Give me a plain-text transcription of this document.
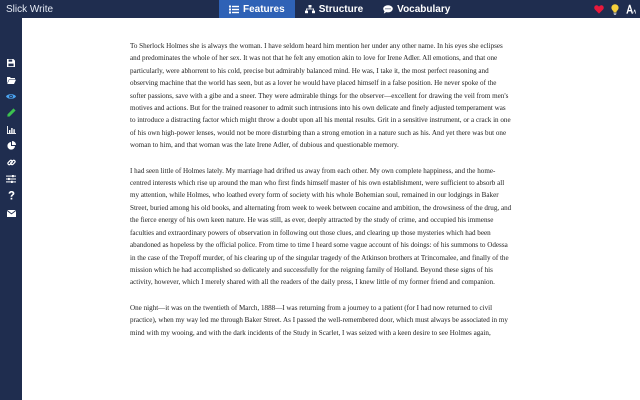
Slick Write	Features	Structure	Vocabulary

To Sherlock Holmes she is always the woman. I have seldom heard him mention her under any other name. In his eyes she eclipses and predominates the whole of her sex. It was not that he felt any emotion akin to love for Irene Adler. All emotions, and that one particularly, were abhorrent to his cold, precise but admirably balanced mind. He was, I take it, the most perfect reasoning and observing machine that the world has seen, but as a lover he would have placed himself in a false position. He never spoke of the softer passions, save with a gibe and a sneer. They were admirable things for the observer—excellent for drawing the veil from men's motives and actions. But for the trained reasoner to admit such intrusions into his own delicate and finely adjusted temperament was to introduce a distracting factor which might throw a doubt upon all his mental results. Grit in a sensitive instrument, or a crack in one of his own high-power lenses, would not be more disturbing than a strong emotion in a nature such as his. And yet there was but one woman to him, and that woman was the late Irene Adler, of dubious and questionable memory.

I had seen little of Holmes lately. My marriage had drifted us away from each other. My own complete happiness, and the home-centred interests which rise up around the man who first finds himself master of his own establishment, were sufficient to absorb all my attention, while Holmes, who loathed every form of society with his whole Bohemian soul, remained in our lodgings in Baker Street, buried among his old books, and alternating from week to week between cocaine and ambition, the drowsiness of the drug, and the fierce energy of his own keen nature. He was still, as ever, deeply attracted by the study of crime, and occupied his immense faculties and extraordinary powers of observation in following out those clues, and clearing up those mysteries which had been abandoned as hopeless by the official police. From time to time I heard some vague account of his doings: of his summons to Odessa in the case of the Trepoff murder, of his clearing up of the singular tragedy of the Atkinson brothers at Trincomalee, and finally of the mission which he had accomplished so delicately and successfully for the reigning family of Holland. Beyond these signs of his activity, however, which I merely shared with all the readers of the daily press, I knew little of my former friend and companion.

One night—it was on the twentieth of March, 1888—I was returning from a journey to a patient (for I had now returned to civil practice), when my way led me through Baker Street. As I passed the well-remembered door, which must always be associated in my mind with my wooing, and with the dark incidents of the Study in Scarlet, I was seized with a keen desire to see Holmes again,
